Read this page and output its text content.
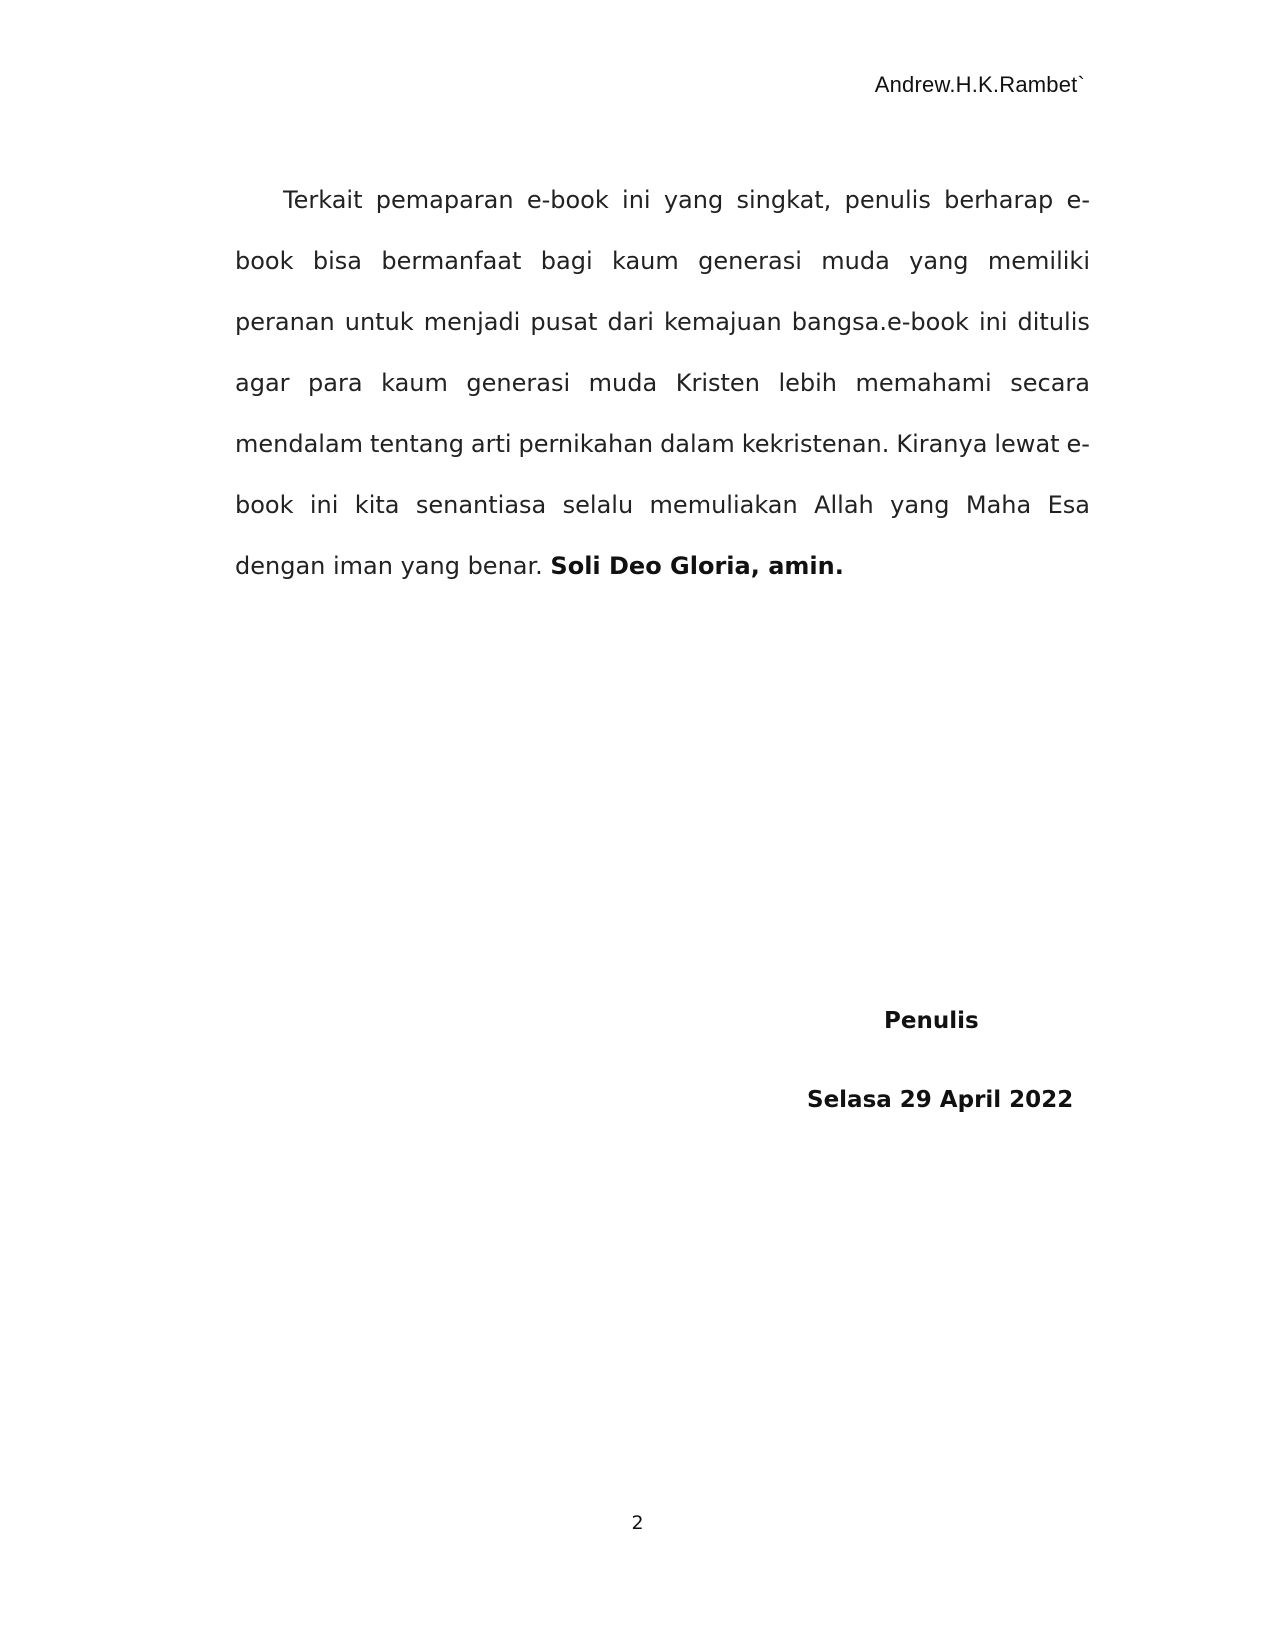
Andrew.H.K.Rambet`
Terkait pemaparan e-book ini yang singkat, penulis berharap e-
book bisa bermanfaat bagi kaum generasi muda yang memiliki
peranan untuk menjadi pusat dari kemajuan bangsa.e-book ini ditulis
agar para kaum generasi muda Kristen lebih memahami secara
mendalam tentang arti pernikahan dalam kekristenan. Kiranya lewat e-
book ini kita senantiasa selalu memuliakan Allah yang Maha Esa
dengan iman yang benar. Soli Deo Gloria, amin.
Penulis
Selasa 29 April 2022
2
